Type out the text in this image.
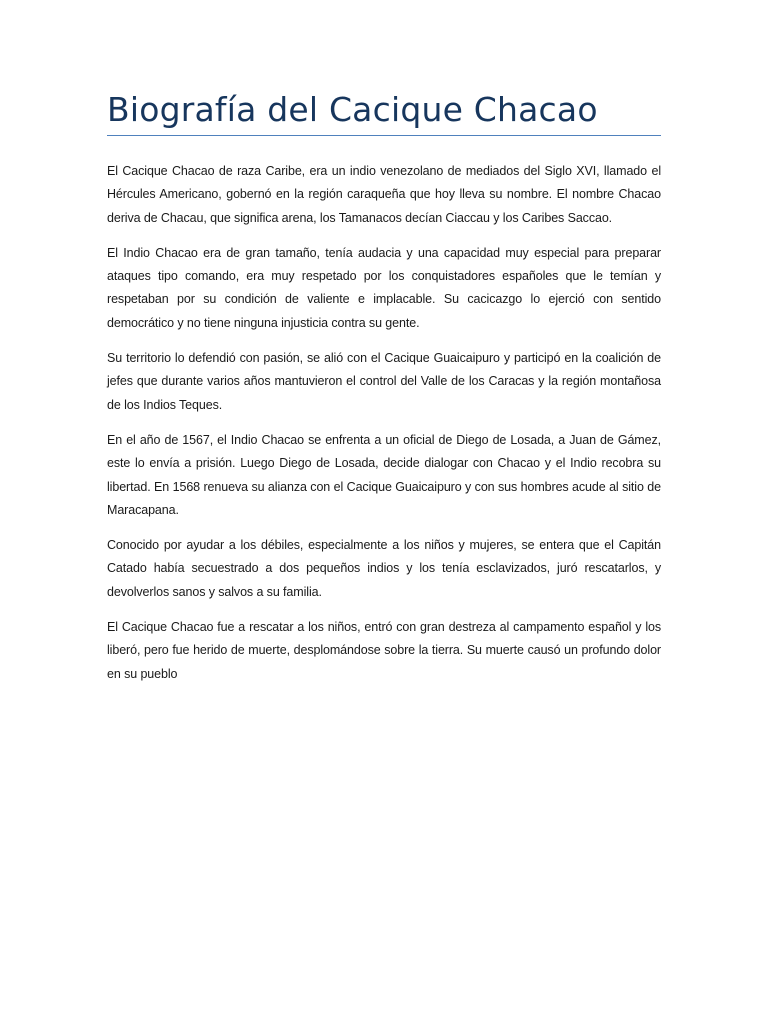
Biografía del Cacique Chacao

El Cacique Chacao de raza Caribe, era un indio venezolano de mediados del Siglo XVI, llamado el Hércules Americano, gobernó en la región caraqueña que hoy lleva su nombre. El nombre Chacao deriva de Chacau, que significa arena, los Tamanacos decían Ciaccau y los Caribes Saccao.

El Indio Chacao era de gran tamaño, tenía audacia y una capacidad muy especial para preparar ataques tipo comando, era muy respetado por los conquistadores españoles que le temían y respetaban por su condición de valiente e implacable. Su cacicazgo lo ejerció con sentido democrático y no tiene ninguna injusticia contra su gente.

Su territorio lo defendió con pasión, se alió con el Cacique Guaicaipuro y participó en la coalición de jefes que durante varios años mantuvieron el control del Valle de los Caracas y la región montañosa de los Indios Teques.

En el año de 1567, el Indio Chacao se enfrenta a un oficial de Diego de Losada, a Juan de Gámez, este lo envía a prisión. Luego Diego de Losada, decide dialogar con Chacao y el Indio recobra su libertad. En 1568 renueva su alianza con el Cacique Guaicaipuro y con sus hombres acude al sitio de Maracapana.

Conocido por ayudar a los débiles, especialmente a los niños y mujeres, se entera que el Capitán Catado había secuestrado a dos pequeños indios y los tenía esclavizados, juró rescatarlos, y devolverlos sanos y salvos a su familia.

El Cacique Chacao fue a rescatar a los niños, entró con gran destreza al campamento español y los liberó, pero fue herido de muerte, desplomándose sobre la tierra. Su muerte causó un profundo dolor en su pueblo
